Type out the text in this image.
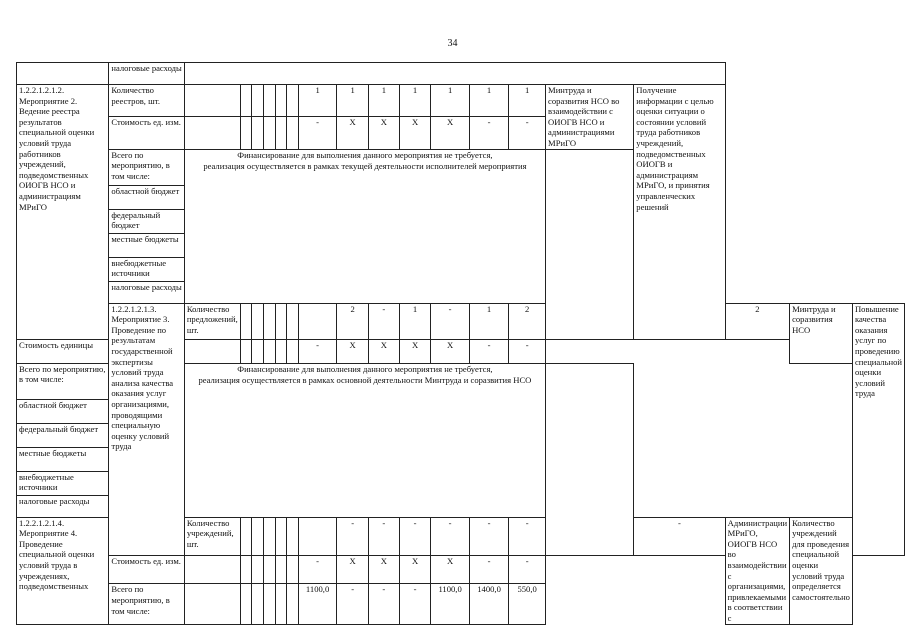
34
	налоговые расходы																		
1.2.2.1.2.1.2. Мероприятие 2. Ведение реестра результатов специальной оценки условий труда работников учреждений, подведомственных ОИОГВ НСО и администрациям МРиГО	Количество реестров, шт.							1	1	1	1	1	1	1	Минтруда и соразвития НСО во взаимодействии с ОИОГВ НСО и администрациями МРиГО	Получение информации с целью оценки ситуации о состоянии условий труда работников учреждений, подведомственных ОИОГВ и администрациям МРиГО, и принятия управленческих решений			
	Стоимость ед. изм.							-	X	X	X	X	-	-					
	Всего по мероприятию, в том числе:	Финансирование для выполнения данного мероприятия не требуется,
реализация осуществляется в рамках текущей деятельности исполнителей мероприятия																	

	областной бюджет																		
	федеральный бюджет																		
	местные бюджеты																		
	внебюджетные источники																		
	налоговые расходы																		
	1.2.2.1.2.1.3. Мероприятие 3. Проведение по результатам государственной экспертизы условий труда анализа качества оказания услуг организациями, проводящими специальную оценку условий труда	Количество предложений, шт.							2	-	1	-	1	2			2	Минтруда и соразвития НСО	Повышение качества оказания услуг по проведению специальной оценки условий труда
Стоимость единицы								-	X	X	X	X	-	-					
Всего по мероприятию, в том числе:		Финансирование для выполнения данного мероприятия не требуется,
реализация осуществляется в рамках основной деятельности Минтруда и соразвития НСО																	

областной бюджет																			
федеральный бюджет																			
местные бюджеты																			
внебюджетные источники																			
налоговые расходы																			
1.2.2.1.2.1.4. Мероприятие 4. Проведение специальной оценки условий труда в учреждениях, подведомственных		Количество учреждений, шт.							-	-	-	-	-	-		-	Администрации МРиГО, ОИОГВ НСО во взаимодействии с организациями, привлекаемыми в соответствии с	Количество учреждений для проведения специальной оценки условий труда определяется самостоятельно	
	Стоимость ед. изм.							-	X	X	X	X	-	-					
	Всего по мероприятию, в том числе:							1100,0	-	-	-	1100,0	1400,0	550,0					
